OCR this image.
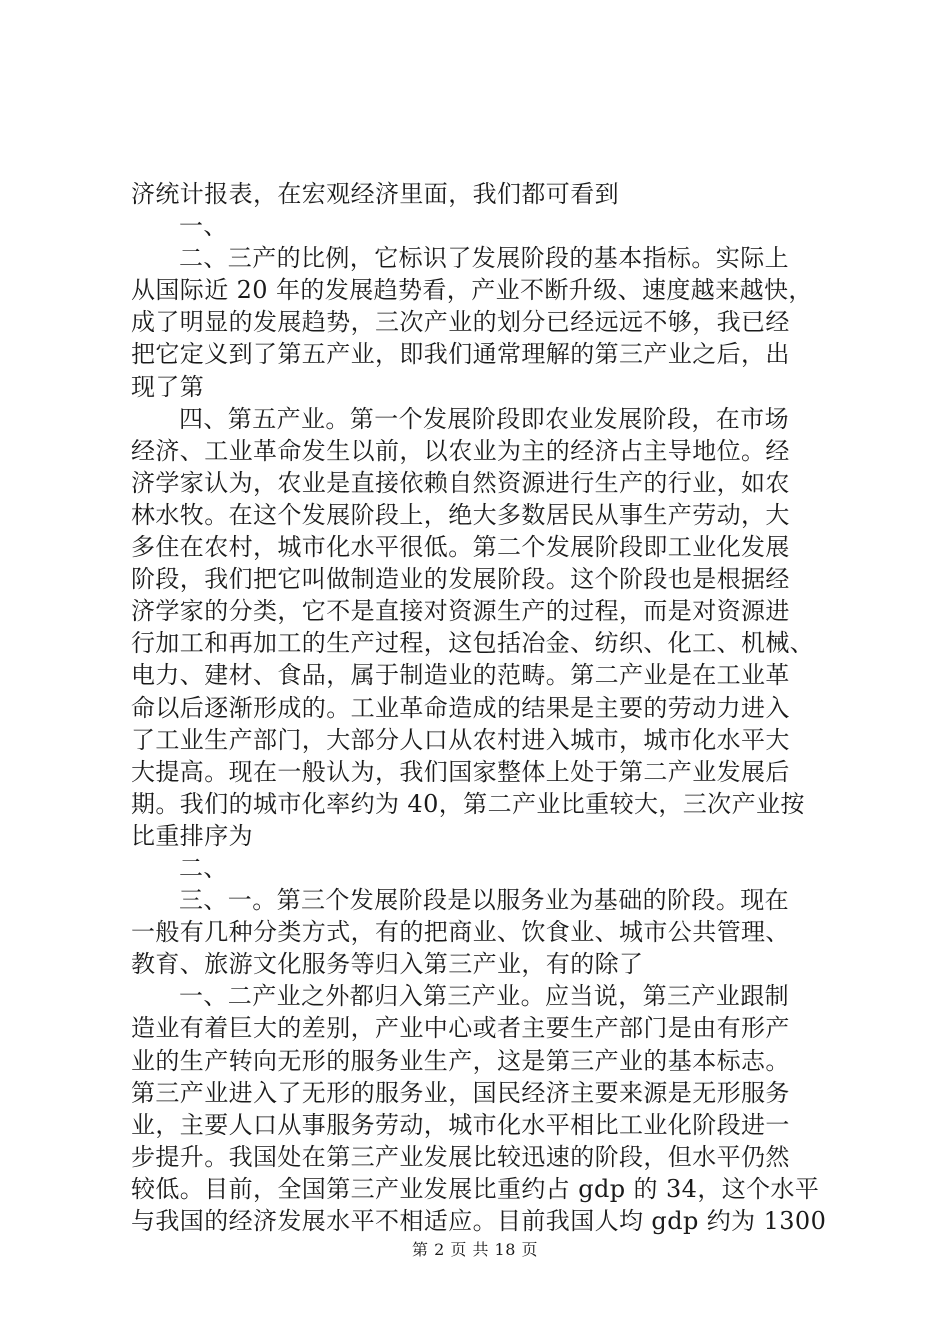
济统计报表，在宏观经济里面，我们都可看到
一、
二、三产的比例，它标识了发展阶段的基本指标。实际上
从国际近 20 年的发展趋势看，产业不断升级、速度越来越快，
成了明显的发展趋势，三次产业的划分已经远远不够，我已经
把它定义到了第五产业，即我们通常理解的第三产业之后，出
现了第
四、第五产业。第一个发展阶段即农业发展阶段，在市场
经济、工业革命发生以前，以农业为主的经济占主导地位。经
济学家认为，农业是直接依赖自然资源进行生产的行业，如农
林水牧。在这个发展阶段上，绝大多数居民从事生产劳动，大
多住在农村，城市化水平很低。第二个发展阶段即工业化发展
阶段，我们把它叫做制造业的发展阶段。这个阶段也是根据经
济学家的分类，它不是直接对资源生产的过程，而是对资源进
行加工和再加工的生产过程，这包括冶金、纺织、化工、机械、
电力、建材、食品，属于制造业的范畴。第二产业是在工业革
命以后逐渐形成的。工业革命造成的结果是主要的劳动力进入
了工业生产部门，大部分人口从农村进入城市，城市化水平大
大提高。现在一般认为，我们国家整体上处于第二产业发展后
期。我们的城市化率约为 40，第二产业比重较大，三次产业按
比重排序为
二、
三、一。第三个发展阶段是以服务业为基础的阶段。现在
一般有几种分类方式，有的把商业、饮食业、城市公共管理、
教育、旅游文化服务等归入第三产业，有的除了
一、二产业之外都归入第三产业。应当说，第三产业跟制
造业有着巨大的差别，产业中心或者主要生产部门是由有形产
业的生产转向无形的服务业生产，这是第三产业的基本标志。
第三产业进入了无形的服务业，国民经济主要来源是无形服务
业，主要人口从事服务劳动，城市化水平相比工业化阶段进一
步提升。我国处在第三产业发展比较迅速的阶段，但水平仍然
较低。目前，全国第三产业发展比重约占 gdp 的 34，这个水平
与我国的经济发展水平不相适应。目前我国人均 gdp 约为 1300
第 2 页 共 18 页
